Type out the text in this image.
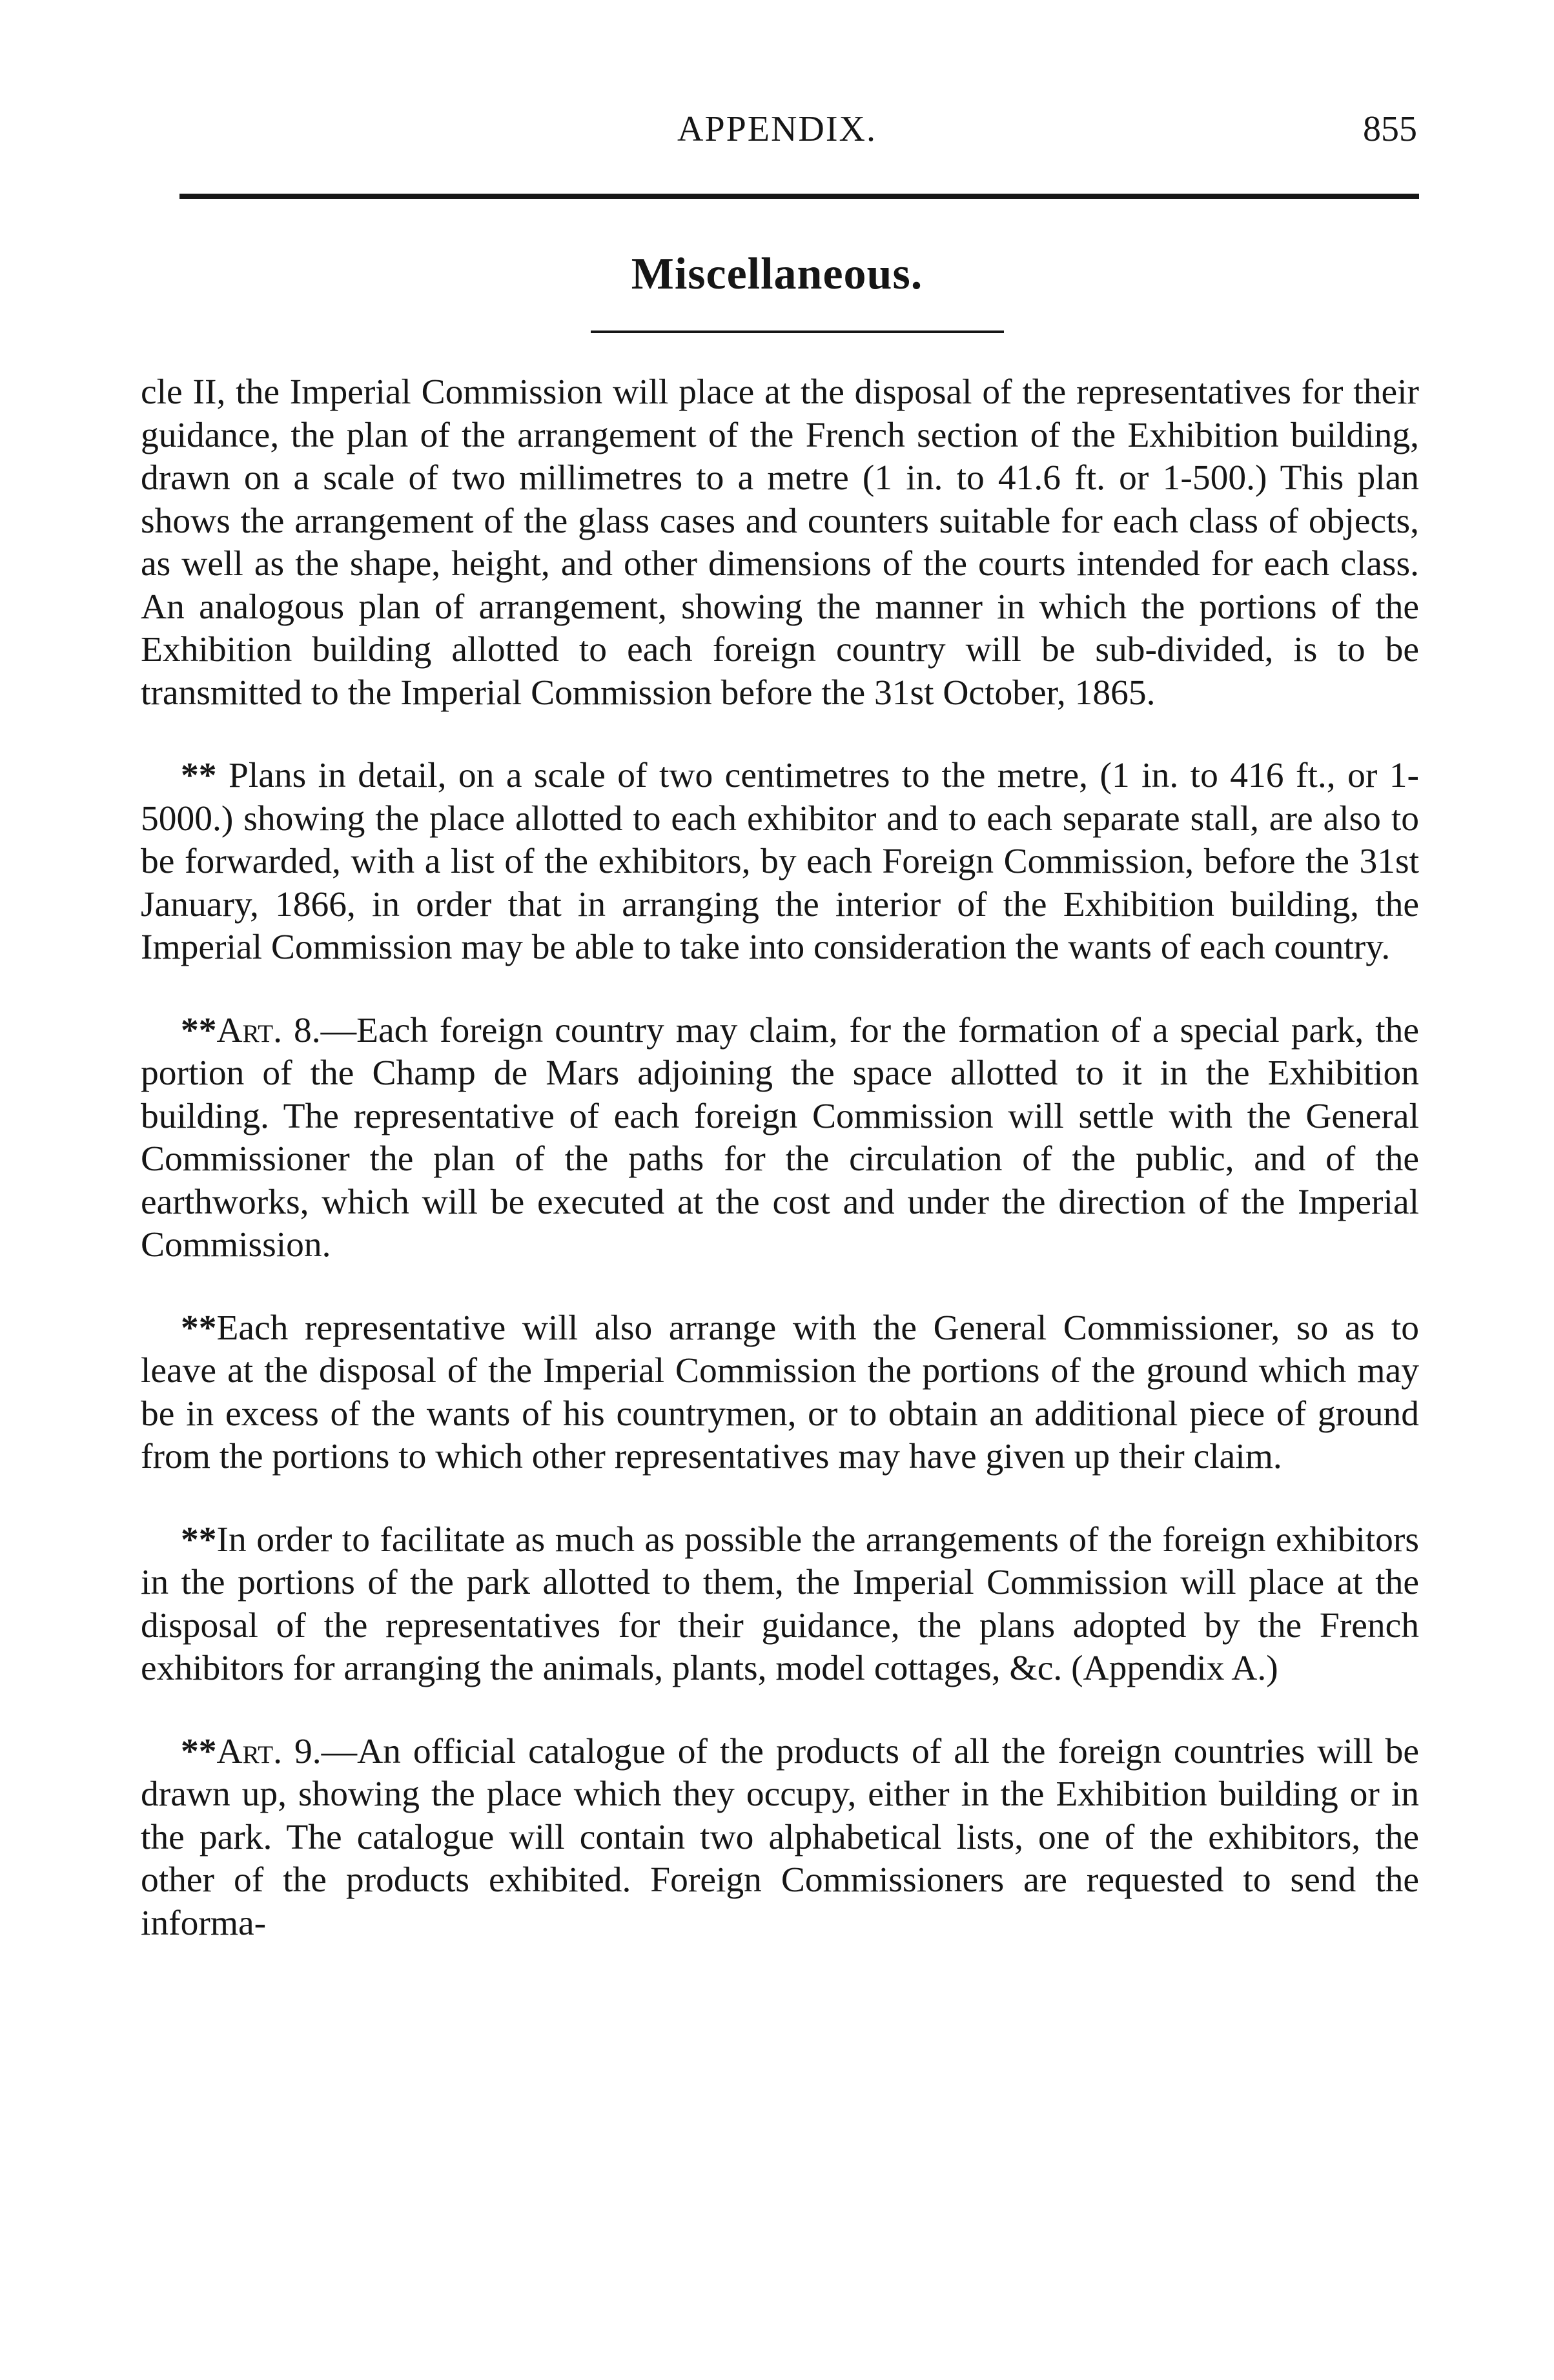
APPENDIX.	855
Miscellaneous.

cle II, the Imperial Commission will place at the disposal of the representatives for their guidance, the plan of the arrangement of the French section of the Exhibition building, drawn on a scale of two millimetres to a metre (1 in. to 41.6 ft. or 1-500.) This plan shows the arrangement of the glass cases and counters suitable for each class of objects, as well as the shape, height, and other dimensions of the courts intended for each class. An analogous plan of arrangement, showing the manner in which the portions of the Exhibition building allotted to each foreign country will be sub-divided, is to be transmitted to the Imperial Commission before the 31st October, 1865.

** Plans in detail, on a scale of two centimetres to the metre, (1 in. to 416 ft., or 1-5000.) showing the place allotted to each exhibitor and to each separate stall, are also to be forwarded, with a list of the exhibitors, by each Foreign Commission, before the 31st January, 1866, in order that in arranging the interior of the Exhibition building, the Imperial Commission may be able to take into consideration the wants of each country.

**Art. 8.—Each foreign country may claim, for the formation of a special park, the portion of the Champ de Mars adjoining the space allotted to it in the Exhibition building. The representative of each foreign Commission will settle with the General Commissioner the plan of the paths for the circulation of the public, and of the earthworks, which will be executed at the cost and under the direction of the Imperial Commission.

**Each representative will also arrange with the General Commissioner, so as to leave at the disposal of the Imperial Commission the portions of the ground which may be in excess of the wants of his countrymen, or to obtain an additional piece of ground from the portions to which other representatives may have given up their claim.

**In order to facilitate as much as possible the arrangements of the foreign exhibitors in the portions of the park allotted to them, the Imperial Commission will place at the disposal of the representatives for their guidance, the plans adopted by the French exhibitors for arranging the animals, plants, model cottages, &c. (Appendix A.)

**Art. 9.—An official catalogue of the products of all the foreign countries will be drawn up, showing the place which they occupy, either in the Exhibition building or in the park. The catalogue will contain two alphabetical lists, one of the exhibitors, the other of the products exhibited. Foreign Commissioners are requested to send the informa-
